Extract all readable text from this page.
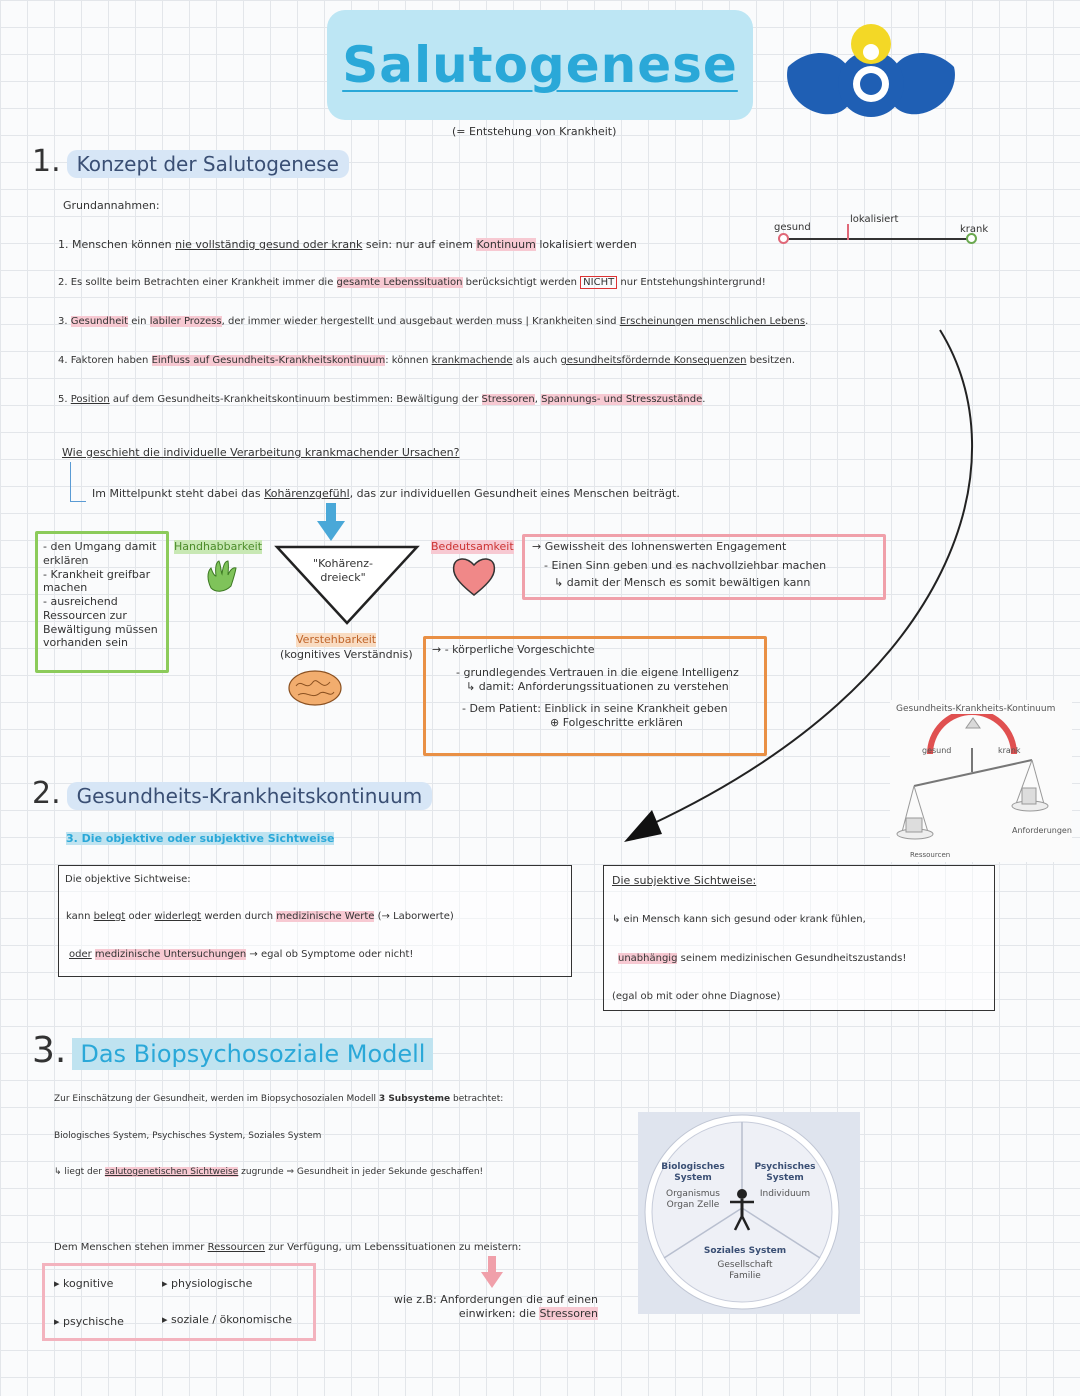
Salutogenese
(= Entstehung von Krankheit)
1. Konzept der Salutogenese
Grundannahmen:
1. Menschen können nie vollständig gesund oder krank sein: nur auf einem Kontinuum lokalisiert werden
gesund
lokalisiert
krank
2. Es sollte beim Betrachten einer Krankheit immer die gesamte Lebenssituation berücksichtigt werden NICHT nur Entstehungshintergrund!
3. Gesundheit ein labiler Prozess, der immer wieder hergestellt und ausgebaut werden muss | Krankheiten sind Erscheinungen menschlichen Lebens.
4. Faktoren haben Einfluss auf Gesundheits-Krankheitskontinuum: können krankmachende als auch gesundheitsfördernde Konsequenzen besitzen.
5. Position auf dem Gesundheits-Krankheitskontinuum bestimmen: Bewältigung der Stressoren, Spannungs- und Stresszustände.
Wie geschieht die individuelle Verarbeitung krankmachender Ursachen?
Im Mittelpunkt steht dabei das Kohärenzgefühl, das zur individuellen Gesundheit eines Menschen beiträgt.
- den Umgang damit erklären
- Krankheit greifbar machen
- ausreichend Ressourcen zur Bewältigung müssen vorhanden sein
Handhabbarkeit
"Kohärenz-dreieck"
Bedeutsamkeit → Gewissheit des lohnenswerten Engagement
- Einen Sinn geben und es nachvollziehbar machen
↳ damit der Mensch es somit bewältigen kann
Verstehbarkeit
(kognitives Verständnis) → - körperliche Vorgeschichte
- grundlegendes Vertrauen in die eigene Intelligenz
↳ damit: Anforderungssituationen zu verstehen
- Dem Patient: Einblick in seine Krankheit geben
⊕ Folgeschritte erklären
Gesundheits-Krankheits-Kontinuum
gesund	krank
Ressourcen
Anforderungen
2. Gesundheits-Krankheitskontinuum
3. Die objektive oder subjektive Sichtweise
Die objektive Sichtweise:
kann belegt oder widerlegt werden durch medizinische Werte (→ Laborwerte)
oder medizinische Untersuchungen → egal ob Symptome oder nicht!
Die subjektive Sichtweise:
↳ ein Mensch kann sich gesund oder krank fühlen,
unabhängig seinem medizinischen Gesundheitszustands!
(egal ob mit oder ohne Diagnose)
3. Das Biopsychosoziale Modell
Zur Einschätzung der Gesundheit, werden im Biopsychosozialen Modell 3 Subsysteme betrachtet:
Biologisches System, Psychisches System, Soziales System
↳ liegt der salutogenetischen Sichtweise zugrunde ⇒ Gesundheit in jeder Sekunde geschaffen!
Dem Menschen stehen immer Ressourcen zur Verfügung, um Lebenssituationen zu meistern:
▸ kognitive	▸ physiologische
▸ psychische	▸ soziale / ökonomische
wie z.B: Anforderungen die auf einen einwirken: die Stressoren
Biologisches System
Organismus Organ Zelle
Psychisches System
Individuum
Soziales System
Gesellschaft Familie
